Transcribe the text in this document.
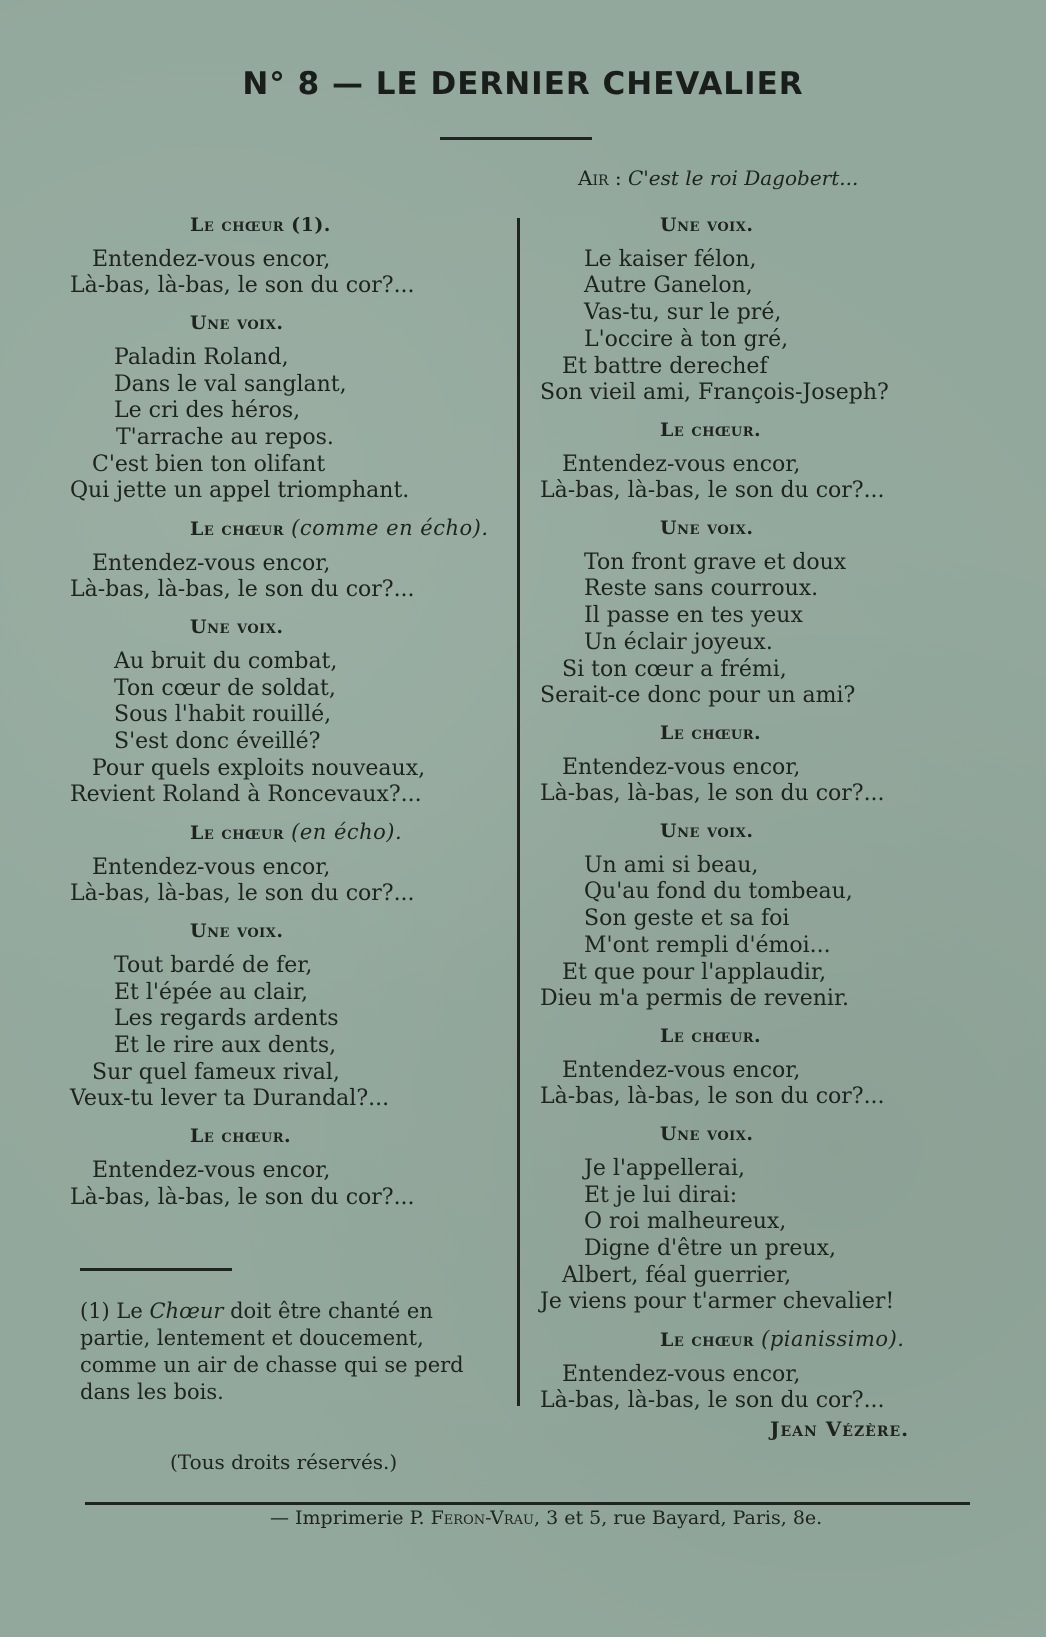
N° 8 — LE DERNIER CHEVALIER
Air : C'est le roi Dagobert...
Le chœur (1).
Entendez-vous encor,
Là-bas, là-bas, le son du cor?...
Une voix.
Paladin Roland,
Dans le val sanglant,
Le cri des héros,
T'arrache au repos.
C'est bien ton olifant
Qui jette un appel triomphant.
Le chœur (comme en écho).
Entendez-vous encor,
Là-bas, là-bas, le son du cor?...
Une voix.
Au bruit du combat,
Ton cœur de soldat,
Sous l'habit rouillé,
S'est donc éveillé?
Pour quels exploits nouveaux,
Revient Roland à Roncevaux?...
Le chœur (en écho).
Entendez-vous encor,
Là-bas, là-bas, le son du cor?...
Une voix.
Tout bardé de fer,
Et l'épée au clair,
Les regards ardents
Et le rire aux dents,
Sur quel fameux rival,
Veux-tu lever ta Durandal?...
Le chœur.
Entendez-vous encor,
Là-bas, là-bas, le son du cor?...
Une voix.
Le kaiser félon,
Autre Ganelon,
Vas-tu, sur le pré,
L'occire à ton gré,
Et battre derechef
Son vieil ami, François-Joseph?
Le chœur.
Entendez-vous encor,
Là-bas, là-bas, le son du cor?...
Une voix.
Ton front grave et doux
Reste sans courroux.
Il passe en tes yeux
Un éclair joyeux.
Si ton cœur a frémi,
Serait-ce donc pour un ami?
Le chœur.
Entendez-vous encor,
Là-bas, là-bas, le son du cor?...
Une voix.
Un ami si beau,
Qu'au fond du tombeau,
Son geste et sa foi
M'ont rempli d'émoi...
Et que pour l'applaudir,
Dieu m'a permis de revenir.
Le chœur.
Entendez-vous encor,
Là-bas, là-bas, le son du cor?...
Une voix.
Je l'appellerai,
Et je lui dirai:
O roi malheureux,
Digne d'être un preux,
Albert, féal guerrier,
Je viens pour t'armer chevalier!
Le chœur (pianissimo).
Entendez-vous encor,
Là-bas, là-bas, le son du cor?...
Jean Vézère.
(1) Le Chœur doit être chanté en partie, lentement et doucement, comme un air de chasse qui se perd dans les bois.
(Tous droits réservés.)
— Imprimerie P. Feron-Vrau, 3 et 5, rue Bayard, Paris, 8e.
